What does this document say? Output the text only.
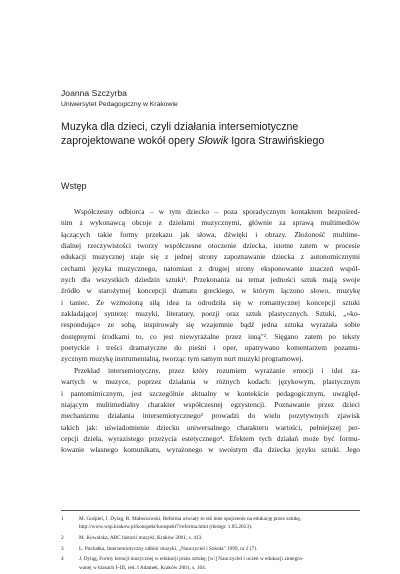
Joanna Szczyrba
Uniwersytet Pedagogiczny w Krakowie
Muzyka dla dzieci, czyli działania intersemiotyczne
zaprojektowane wokół opery Słowik Igora Strawińskiego
Wstęp
Współczesny odbiorca – w tym dziecko – poza sporadycznym kontaktem bezpośred-
nim z wykonawcą obcuje z dziełami muzycznymi, głównie za sprawą multimediów
łączących takie formy przekazu jak słowa, dźwięki i obrazy. Złożoność multime-
dialnej rzeczywistości tworzy współczesne otoczenie dziecka, istotne zatem w procesie
edukacji muzycznej staje się z jednej strony zapoznawanie dziecka z autonomicznymi
cechami języka muzycznego, natomiast z drugiej strony eksponowanie znaczeń wspól-
nych dla wszystkich dziedzin sztuki¹. Przekonania na temat jedności sztuk mają swoje
źródło w starożytnej koncepcji dramatu greckiego, w którym łączono słowo, muzykę
i taniec. Ze wzmożoną siłą idea ta odrodziła się w romantycznej koncepcji sztuki
zakładającej syntezę: muzyki, literatury, poezji oraz sztuk plastycznych. Sztuki, „»ko-
respondując« ze sobą, inspirowały się wzajemnie bądź jedna sztuka wyrażała sobie
dostępnymi środkami to, co jest niewyrażalne przez inną"². Sięgano zatem po teksty
poetyckie i treści dramatyczne do pieśni i oper, opatrywano komentarzem pozamu-
zycznym muzykę instrumentalną, tworząc tym samym nurt muzyki programowej.
Przekład intersemiotyczny, przez który rozumiem wyrażanie emocji i idei za-
wartych w muzyce, poprzez działania w różnych kodach: językowym, plastycznym
i pantomimicznym, jest szczególnie aktualny w kontekście pedagogicznym, uwzględ-
niającym multimedialny charakter współczesnej egzystencji. Poznawanie przez dzieci
mechanizmu działania intersemiotycznego³ prowadzi do wielu pozytywnych zjawisk
takich jak: uświadomienie dziecku uniwersalnego charakteru wartości, pełniejszej per-
cepcji dzieła, wyrazistego przeżycia estetycznego⁴. Efektem tych działań może być formu-
łowanie własnego komunikatu, wyrażonego w swoistym dla dziecka języku sztuki. Jego
1	M. Guśpiel, J. Dylag, R. Małoszowski, Reforma oświaty to też inne spojrzenie na edukację przez sztukę,
http://www.wsp.krakow.pl/konspekt/konspekt7/reforma.html (dostęp: 1.05.2013).
2	M. Kowalska, ABC historii muzyki, Kraków 2001, s. 413.
3	L. Puchałka, Intersemiotyczny odbiór muzyki, „Nauczyciel i Szkoła" 1999, nr 2 (7).
4	J. Dyląg, Formy kreacji muzycznej w edukacji przez sztukę, [w:] Nauczyciel i uczeń w edukacji zintegro-
wanej w klasach I–III, red. I Adamek, Kraków 2001, s. 164.
